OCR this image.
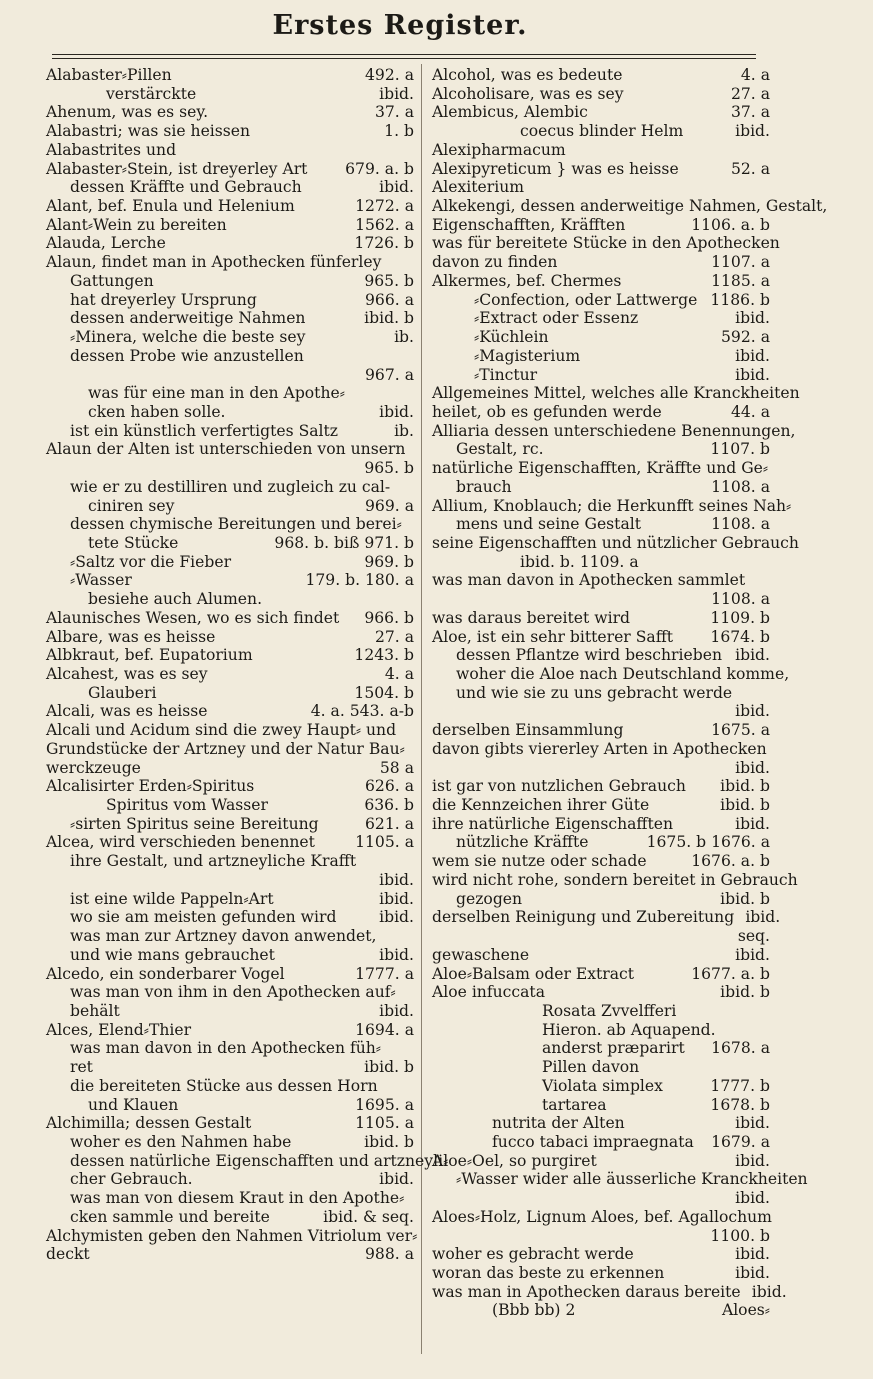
Erstes Register.
Alabaster⸗Pillen	492. a
verstärckte	ibid.
Ahenum, was es sey.	37. a
Alabastri; was sie heissen	1. b
Alabastrites und
Alabaster⸗Stein, ist dreyerley Art	679. a. b
dessen Kräffte und Gebrauch	ibid.
Alant, bef. Enula und Helenium	1272. a
Alant⸗Wein zu bereiten	1562. a
Alauda, Lerche	1726. b
Alaun, findet man in Apothecken fünferley
Gattungen	965. b
hat dreyerley Ursprung	966. a
dessen anderweitige Nahmen	ibid. b
⸗Minera, welche die beste sey	ib.
dessen Probe wie anzustellen
967. a
was für eine man in den Apothe⸗
cken haben solle.	ibid.
ist ein künstlich verfertigtes Saltz	ib.
Alaun der Alten ist unterschieden von unsern
965. b
wie er zu destilliren und zugleich zu cal-
ciniren sey	969. a
dessen chymische Bereitungen und berei⸗
tete Stücke	968. b. biß 971. b
⸗Saltz vor die Fieber	969. b
⸗Wasser	179. b. 180. a
besiehe auch Alumen.
Alaunisches Wesen, wo es sich findet	966. b
Albare, was es heisse	27. a
Albkraut, bef. Eupatorium	1243. b
Alcahest, was es sey	4. a
Glauberi	1504. b
Alcali, was es heisse	4. a. 543. a-b
Alcali und Acidum sind die zwey Haupt⸗ und
Grundstücke der Artzney und der Natur Bau⸗
werckzeuge	58 a
Alcalisirter Erden⸗Spiritus	626. a
Spiritus vom Wasser	636. b
⸗sirten Spiritus seine Bereitung	621. a
Alcea, wird verschieden benennet	1105. a
ihre Gestalt, und artzneyliche Krafft
ibid.
ist eine wilde Pappeln⸗Art	ibid.
wo sie am meisten gefunden wird	ibid.
was man zur Artzney davon anwendet,
und wie mans gebrauchet	ibid.
Alcedo, ein sonderbarer Vogel	1777. a
was man von ihm in den Apothecken auf⸗
behält	ibid.
Alces, Elend⸗Thier	1694. a
was man davon in den Apothecken füh⸗
ret	ibid. b
die bereiteten Stücke aus dessen Horn
und Klauen	1695. a
Alchimilla; dessen Gestalt	1105. a
woher es den Nahmen habe	ibid. b
dessen natürliche Eigenschafften und artzneyli⸗
cher Gebrauch.	ibid.
was man von diesem Kraut in den Apothe⸗
cken sammle und bereite	ibid. & seq.
Alchymisten geben den Nahmen Vitriolum ver⸗
deckt	988. a
Alcohol, was es bedeute	4. a
Alcoholisare, was es sey	27. a
Alembicus, Alembic	37. a
coecus blinder Helm	ibid.
Alexipharmacum
Alexipyreticum } was es heisse	52. a
Alexiterium
Alkekengi, dessen anderweitige Nahmen, Gestalt,
Eigenschafften, Kräfften	1106. a. b
was für bereitete Stücke in den Apothecken
davon zu finden	1107. a
Alkermes, bef. Chermes	1185. a
⸗Confection, oder Lattwerge 1186. b
⸗Extract oder Essenz	ibid.
⸗Küchlein	592. a
⸗Magisterium	ibid.
⸗Tinctur	ibid.
Allgemeines Mittel, welches alle Kranckheiten
heilet, ob es gefunden werde	44. a
Alliaria dessen unterschiedene Benennungen,
Gestalt, rc.	1107. b
natürliche Eigenschafften, Kräffte und Ge⸗
brauch	1108. a
Allium, Knoblauch; die Herkunfft seines Nah⸗
mens und seine Gestalt	1108. a
seine Eigenschafften und nützlicher Gebrauch
ibid. b. 1109. a
was man davon in Apothecken sammlet
1108. a
was daraus bereitet wird	1109. b
Aloe, ist ein sehr bitterer Safft	1674. b
dessen Pflantze wird beschrieben ibid.
woher die Aloe nach Deutschland komme,
und wie sie zu uns gebracht werde
ibid.
derselben Einsammlung	1675. a
davon gibts viererley Arten in Apothecken
ibid.
ist gar von nutzlichen Gebrauch	ibid. b
die Kennzeichen ihrer Güte	ibid. b
ihre natürliche Eigenschafften	ibid.
nützliche Kräffte	1675. b 1676. a
wem sie nutze oder schade	1676. a. b
wird nicht rohe, sondern bereitet in Gebrauch
gezogen	ibid. b
derselben Reinigung und Zubereitung ibid.
seq.
gewaschene	ibid.
Aloe⸗Balsam oder Extract	1677. a. b
Aloe infuccata	ibid. b
Rosata Zvvelfferi
Hieron. ab Aquapend.
anderst præparirt	1678. a
Pillen davon
Violata simplex	1777. b
tartarea	1678. b
nutrita der Alten	ibid.
fucco tabaci impraegnata	1679. a
Aloe⸗Oel, so purgiret	ibid.
⸗Wasser wider alle äusserliche Kranckheiten
ibid.
Aloes⸗Holz, Lignum Aloes, bef. Agallochum
1100. b
woher es gebracht werde	ibid.
woran das beste zu erkennen	ibid.
was man in Apothecken daraus bereite ibid.
(Bbb bb) 2	Aloes⸗
